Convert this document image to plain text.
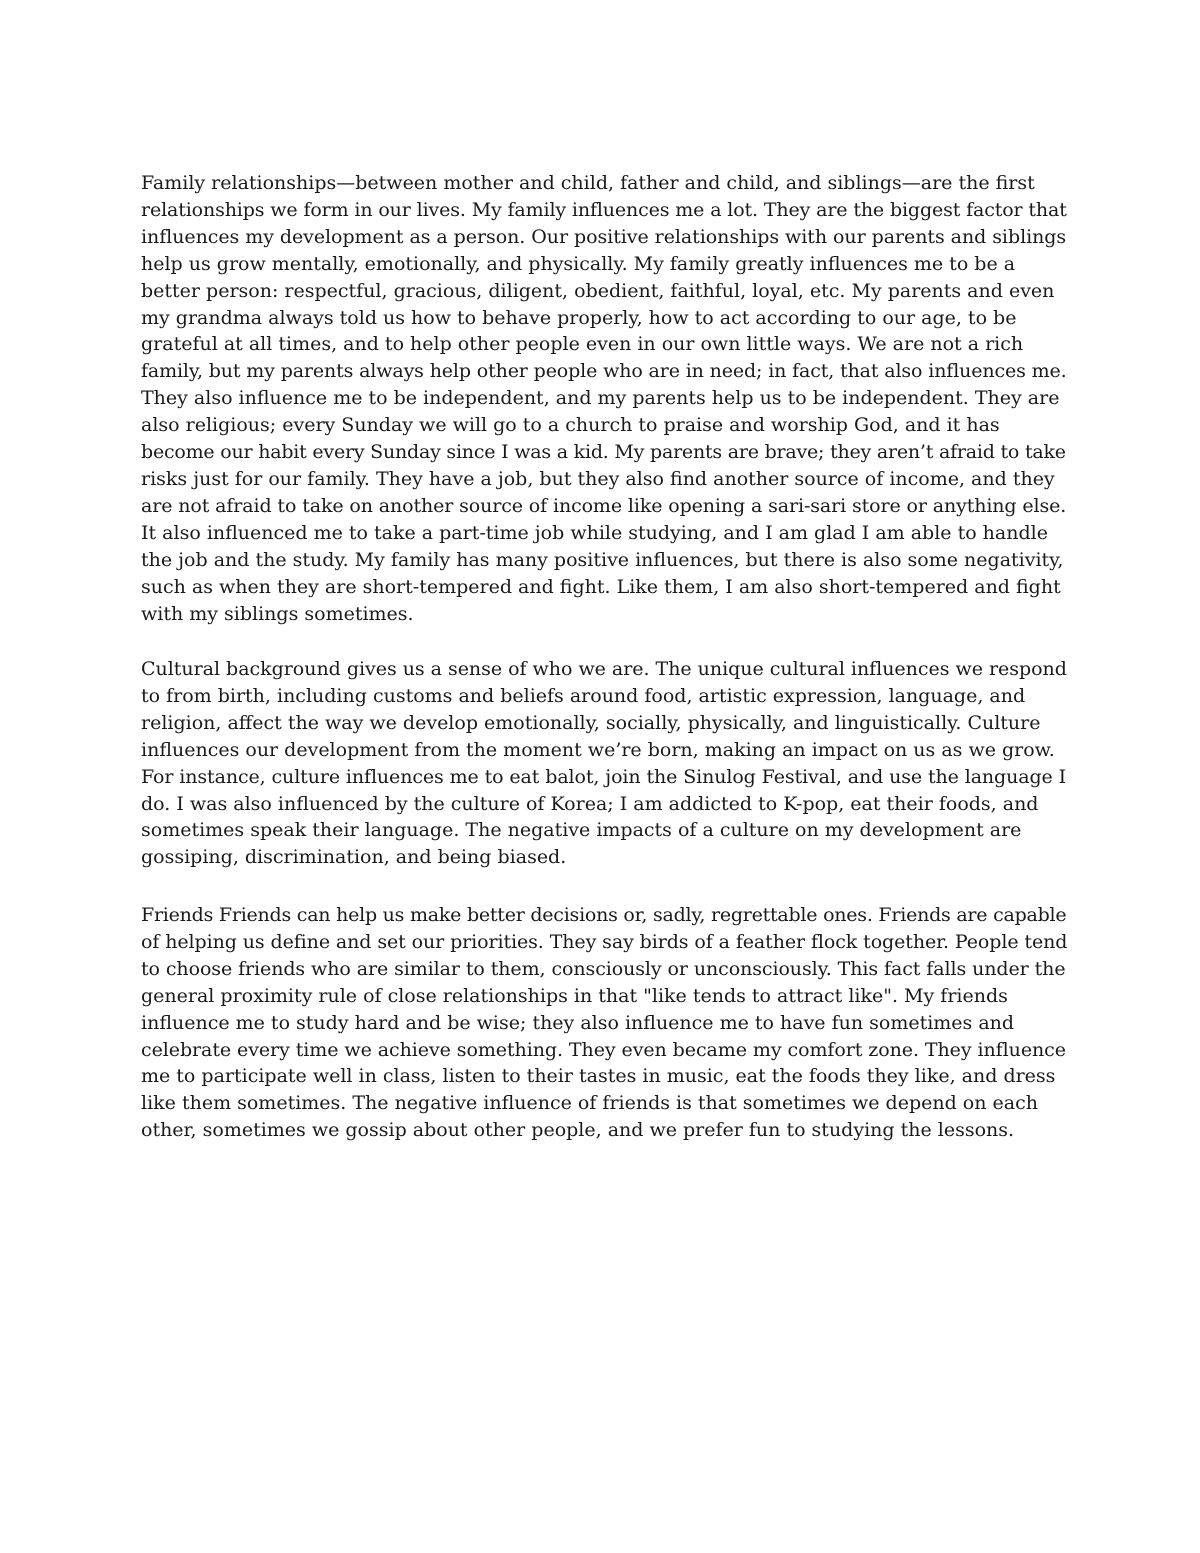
Family relationships—between mother and child, father and child, and siblings—are the first
relationships we form in our lives. My family influences me a lot. They are the biggest factor that
influences my development as a person. Our positive relationships with our parents and siblings
help us grow mentally, emotionally, and physically. My family greatly influences me to be a
better person: respectful, gracious, diligent, obedient, faithful, loyal, etc. My parents and even
my grandma always told us how to behave properly, how to act according to our age, to be
grateful at all times, and to help other people even in our own little ways. We are not a rich
family, but my parents always help other people who are in need; in fact, that also influences me.
They also influence me to be independent, and my parents help us to be independent. They are
also religious; every Sunday we will go to a church to praise and worship God, and it has
become our habit every Sunday since I was a kid. My parents are brave; they aren’t afraid to take
risks just for our family. They have a job, but they also find another source of income, and they
are not afraid to take on another source of income like opening a sari-sari store or anything else.
It also influenced me to take a part-time job while studying, and I am glad I am able to handle
the job and the study. My family has many positive influences, but there is also some negativity,
such as when they are short-tempered and fight. Like them, I am also short-tempered and fight
with my siblings sometimes.
Cultural background gives us a sense of who we are. The unique cultural influences we respond
to from birth, including customs and beliefs around food, artistic expression, language, and
religion, affect the way we develop emotionally, socially, physically, and linguistically. Culture
influences our development from the moment we’re born, making an impact on us as we grow.
For instance, culture influences me to eat balot, join the Sinulog Festival, and use the language I
do. I was also influenced by the culture of Korea; I am addicted to K-pop, eat their foods, and
sometimes speak their language. The negative impacts of a culture on my development are
gossiping, discrimination, and being biased.
Friends Friends can help us make better decisions or, sadly, regrettable ones. Friends are capable
of helping us define and set our priorities. They say birds of a feather flock together. People tend
to choose friends who are similar to them, consciously or unconsciously. This fact falls under the
general proximity rule of close relationships in that "like tends to attract like". My friends
influence me to study hard and be wise; they also influence me to have fun sometimes and
celebrate every time we achieve something. They even became my comfort zone. They influence
me to participate well in class, listen to their tastes in music, eat the foods they like, and dress
like them sometimes. The negative influence of friends is that sometimes we depend on each
other, sometimes we gossip about other people, and we prefer fun to studying the lessons.
